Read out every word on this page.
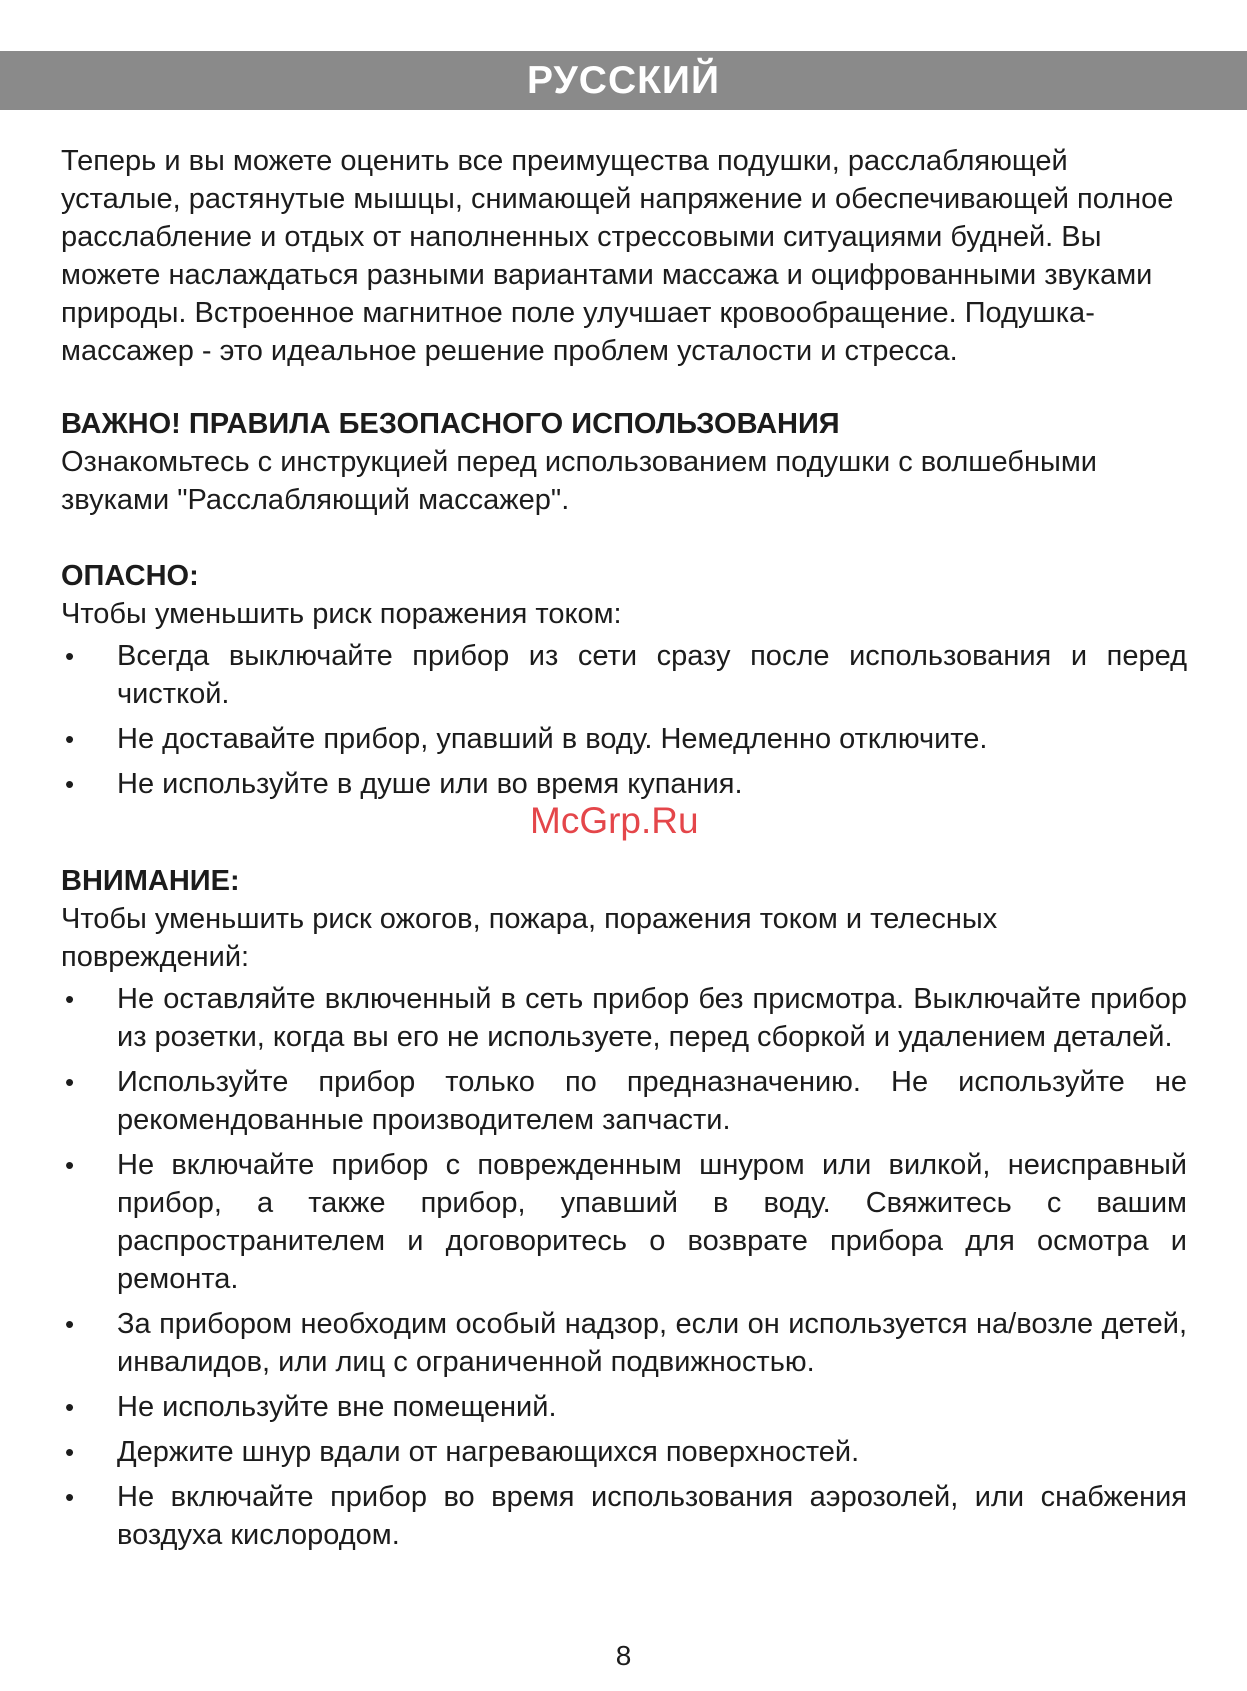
РУССКИЙ

Теперь и вы можете оценить все преимущества подушки, расслабляющей усталые, растянутые мышцы, снимающей напряжение и обеспечивающей полное расслабление и отдых от наполненных стрессовыми ситуациями будней. Вы можете наслаждаться разными вариантами массажа и оцифрованными звуками природы. Встроенное магнитное поле улучшает кровообращение. Подушка- массажер - это идеальное решение проблем усталости и стресса.

ВАЖНО! ПРАВИЛА БЕЗОПАСНОГО ИСПОЛЬЗОВАНИЯ

Ознакомьтесь с инструкцией перед использованием подушки с волшебными звуками "Расслабляющий массажер".

ОПАСНО:

Чтобы уменьшить риск поражения током:

• Всегда выключайте прибор из сети сразу после использования и перед чисткой.
• Не доставайте прибор, упавший в воду. Немедленно отключите.
• Не используйте в душе или во время купания.

ВНИМАНИЕ:

Чтобы уменьшить риск ожогов, пожара, поражения током и телесных повреждений:

• Не оставляйте включенный в сеть прибор без присмотра. Выключайте прибор из розетки, когда вы его не используете, перед сборкой и удалением деталей.
• Используйте прибор только по предназначению. Не используйте не рекомендованные производителем запчасти.
• Не включайте прибор с поврежденным шнуром или вилкой, неисправный прибор, а также прибор, упавший в воду. Свяжитесь с вашим распространителем и договоритесь о возврате прибора для осмотра и ремонта.
• За прибором необходим особый надзор, если он используется на/возле детей, инвалидов, или лиц с ограниченной подвижностью.
• Не используйте вне помещений.
• Держите шнур вдали от нагревающихся поверхностей.
• Не включайте прибор во время использования аэрозолей, или снабжения воздуха кислородом.
McGrp.Ru
8
